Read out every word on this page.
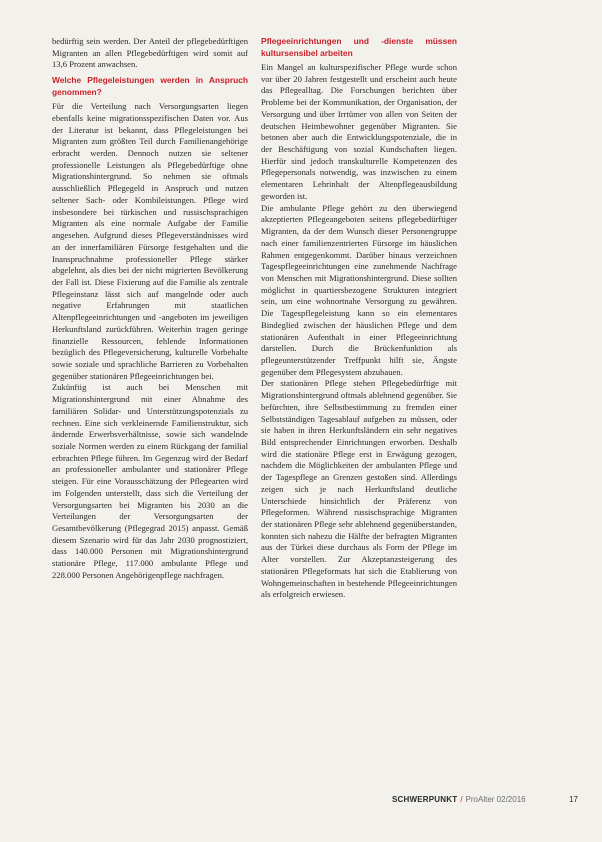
bedürftig sein werden. Der Anteil der pflegebedürftigen Migranten an allen Pflegebedürftigen wird somit auf 13,6 Prozent anwachsen.

Welche Pflegeleistungen werden in Anspruch genommen?

Für die Verteilung nach Versorgungsarten liegen ebenfalls keine migrationsspezifischen Daten vor. Aus der Literatur ist bekannt, dass Pflegeleistungen bei Migranten zum größten Teil durch Familienangehörige erbracht werden. Dennoch nutzen sie seltener professionelle Leistungen als Pflegebedürftige ohne Migrationshintergrund. So nehmen sie oftmals ausschließlich Pflegegeld in Anspruch und nutzen seltener Sach- oder Kombileistungen. Pflege wird insbesondere bei türkischen und russischsprachigen Migranten als eine normale Aufgabe der Familie angesehen. Aufgrund dieses Pflegeverständnisses wird an der innerfamiliären Fürsorge festgehalten und die Inanspruchnahme professioneller Pflege stärker abgelehnt, als dies bei der nicht migrierten Bevölkerung der Fall ist. Diese Fixierung auf die Familie als zentrale Pflegeinstanz lässt sich auf mangelnde oder auch negative Erfahrungen mit staatlichen Altenpflegeeinrichtungen und -angeboten im jeweiligen Herkunftsland zurückführen. Weiterhin tragen geringe finanzielle Ressourcen, fehlende Informationen bezüglich des Pflegeversicherung, kulturelle Vorbehalte sowie soziale und sprachliche Barrieren zu Vorbehalten gegenüber stationären Pflegeeinrichtungen bei.

Zukünftig ist auch bei Menschen mit Migrationshintergrund mit einer Abnahme des familiären Solidar- und Unterstützungspotenzials zu rechnen. Eine sich verkleinernde Familienstruktur, sich ändernde Erwerbsverhältnisse, sowie sich wandelnde soziale Normen werden zu einem Rückgang der familial erbrachten Pflege führen. Im Gegenzug wird der Bedarf an professioneller ambulanter und stationärer Pflege steigen. Für eine Vorausschätzung der Pflegearten wird im Folgenden unterstellt, dass sich die Verteilung der Versorgungsarten bei Migranten bis 2030 an die Verteilungen der Versorgungsarten der Gesamtbevölkerung (Pflegegrad 2015) anpasst. Gemäß diesem Szenario wird für das Jahr 2030 prognostiziert, dass 140.000 Personen mit Migrationshintergrund stationäre Pflege, 117.000 ambulante Pflege und 228.000 Personen Angehörigenpflege nachfragen.

Pflegeeinrichtungen und -dienste müssen kultursensibel arbeiten

Ein Mangel an kulturspezifischer Pflege wurde schon vor über 20 Jahren festgestellt und erscheint auch heute das Pflegealltag. Die Forschungen berichten über Probleme bei der Kommunikation, der Organisation, der Versorgung und über Irrtümer von allen von Seiten der deutschen Heimbewohner gegenüber Migranten. Sie betonen aber auch die Entwicklungspotenziale, die in der Beschäftigung von sozial Kundschaften liegen. Hierfür sind jedoch transkulturelle Kompetenzen des Pflegepersonals notwendig, was inzwischen zu einem elementaren Lehrinhalt der Altenpflegeausbildung geworden ist.

Die ambulante Pflege gehört zu den überwiegend akzeptierten Pflegeangeboten seitens pflegebedürftiger Migranten, da der dem Wunsch dieser Personengruppe nach einer familienzentrierten Fürsorge im häuslichen Rahmen entgegenkommt. Darüber hinaus verzeichnen Tagespflegeeinrichtungen eine zunehmende Nachfrage von Menschen mit Migrationshintergrund. Diese sollten möglichst in quartiersbezogene Strukturen integriert sein, um eine wohnortnahe Versorgung zu gewähren. Die Tagespflegeleistung kann so ein elementares Bindeglied zwischen der häuslichen Pflege und dem stationären Aufenthalt in einer Pflegeeinrichtung darstellen. Durch die Brückenfunktion als pflegeunterstützender Treffpunkt hilft sie, Ängste gegenüber dem Pflegesystem abzubauen.

Der stationären Pflege stehen Pflegebedürftige mit Migrationshintergrund oftmals ablehnend gegenüber. Sie befürchten, ihre Selbstbestimmung zu fremden einer Selbstständigen Tagesablauf aufgeben zu müssen, oder sie haben in ihren Herkunftsländern ein sehr negatives Bild entsprechender Einrichtungen erworben. Deshalb wird die stationäre Pflege erst in Erwägung gezogen, nachdem die Möglichkeiten der ambulanten Pflege und der Tagespflege an Grenzen gestoßen sind. Allerdings zeigen sich je nach Herkunftsland deutliche Unterschiede hinsichtlich der Präferenz von Pflegeformen. Während russischsprachige Migranten der stationären Pflege sehr ablehnend gegenüberstanden, konnten sich nahezu die Hälfte der befragten Migranten aus der Türkei diese durchaus als Form der Pflege im Alter vorstellen. Zur Akzeptanzsteigerung des stationären Pflegeformats hat sich die Etablierung von Wohngemeinschaften in bestehende Pflegeeinrichtungen als erfolgreich erwiesen.

SCHWERPUNKT / ProAlter 02/2016	17
